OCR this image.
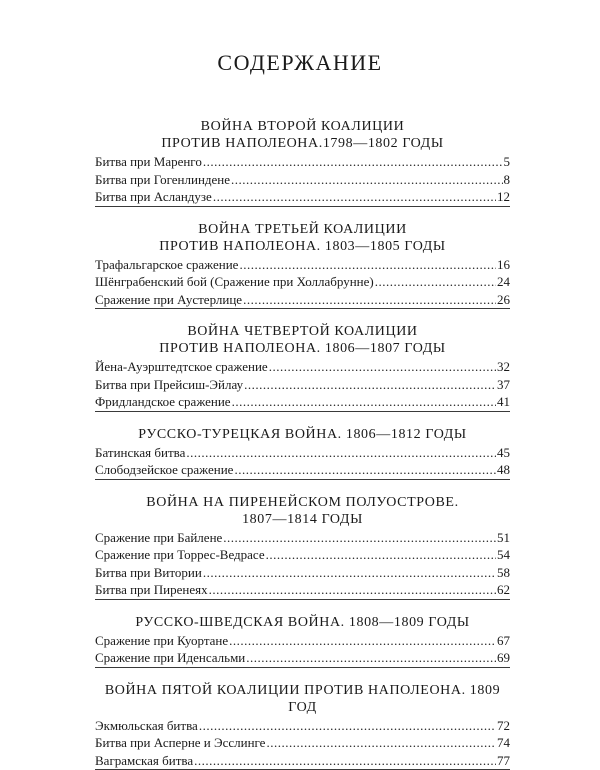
СОДЕРЖАНИЕ
ВОЙНА ВТОРОЙ КОАЛИЦИИ
ПРОТИВ НАПОЛЕОНА.1798—1802 ГОДЫ
Битва при Маренго .....	5
Битва при Гогенлиндене .....	8
Битва при Асландузе .....	12
ВОЙНА ТРЕТЬЕЙ КОАЛИЦИИ
ПРОТИВ НАПОЛЕОНА. 1803—1805 ГОДЫ
Трафальгарское сражение .....	16
Шёнграбенский бой (Сражение при Холлабрунне) .....	24
Сражение при Аустерлице .....	26
ВОЙНА ЧЕТВЕРТОЙ КОАЛИЦИИ
ПРОТИВ НАПОЛЕОНА. 1806—1807 ГОДЫ
Йена-Ауэрштедтское сражение .....	32
Битва при Прейсиш-Эйлау .....	37
Фридландское сражение .....	41
РУССКО-ТУРЕЦКАЯ ВОЙНА. 1806—1812 ГОДЫ
Батинская битва .....	45
Слободзейское сражение .....	48
ВОЙНА НА ПИРЕНЕЙСКОМ ПОЛУОСТРОВЕ.
1807—1814 ГОДЫ
Сражение при Байлене .....	51
Сражение при Торрес-Ведрасе .....	54
Битва при Витории .....	58
Битва при Пиренеях .....	62
РУССКО-ШВЕДСКАЯ ВОЙНА. 1808—1809 ГОДЫ
Сражение при Куортане .....	67
Сражение при Иденсальми .....	69
ВОЙНА ПЯТОЙ КОАЛИЦИИ ПРОТИВ НАПОЛЕОНА. 1809 ГОД
Экмюльская битва .....	72
Битва при Асперне и Эсслинге .....	74
Ваграмская битва .....	77
